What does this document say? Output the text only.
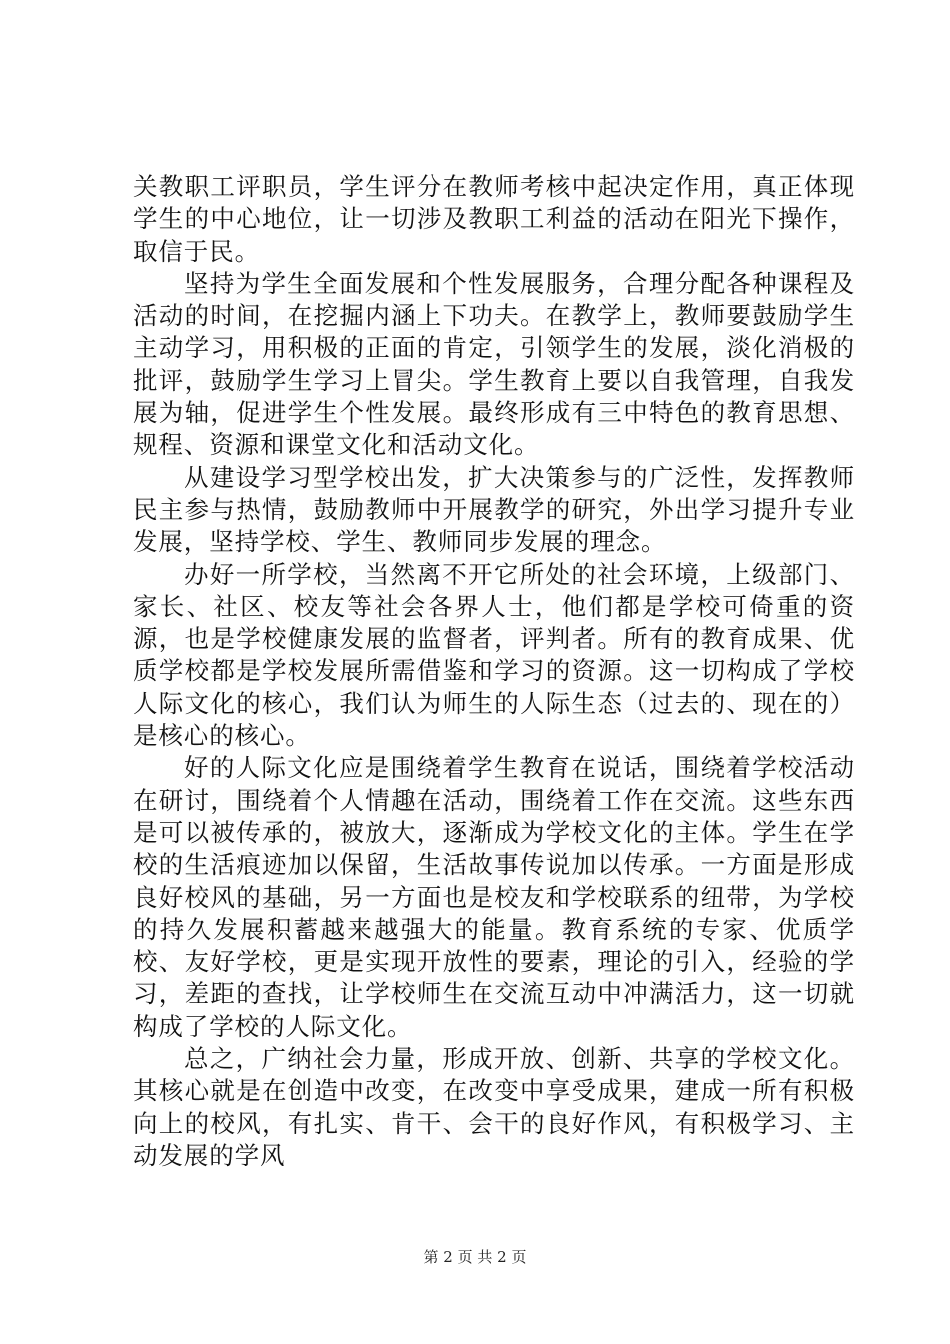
关教职工评职员，学生评分在教师考核中起决定作用，真正体现学生的中心地位，让一切涉及教职工利益的活动在阳光下操作，取信于民。

坚持为学生全面发展和个性发展服务，合理分配各种课程及活动的时间，在挖掘内涵上下功夫。在教学上，教师要鼓励学生主动学习，用积极的正面的肯定，引领学生的发展，淡化消极的批评，鼓励学生学习上冒尖。学生教育上要以自我管理，自我发展为轴，促进学生个性发展。最终形成有三中特色的教育思想、规程、资源和课堂文化和活动文化。

从建设学习型学校出发，扩大决策参与的广泛性，发挥教师民主参与热情，鼓励教师中开展教学的研究，外出学习提升专业发展，坚持学校、学生、教师同步发展的理念。

办好一所学校，当然离不开它所处的社会环境，上级部门、家长、社区、校友等社会各界人士，他们都是学校可倚重的资源，也是学校健康发展的监督者，评判者。所有的教育成果、优质学校都是学校发展所需借鉴和学习的资源。这一切构成了学校人际文化的核心，我们认为师生的人际生态（过去的、现在的）是核心的核心。

好的人际文化应是围绕着学生教育在说话，围绕着学校活动在研讨，围绕着个人情趣在活动，围绕着工作在交流。这些东西是可以被传承的，被放大，逐渐成为学校文化的主体。学生在学校的生活痕迹加以保留，生活故事传说加以传承。一方面是形成良好校风的基础，另一方面也是校友和学校联系的纽带，为学校的持久发展积蓄越来越强大的能量。教育系统的专家、优质学校、友好学校，更是实现开放性的要素，理论的引入，经验的学习，差距的查找，让学校师生在交流互动中冲满活力，这一切就构成了学校的人际文化。

总之，广纳社会力量，形成开放、创新、共享的学校文化。其核心就是在创造中改变，在改变中享受成果，建成一所有积极向上的校风，有扎实、肯干、会干的良好作风，有积极学习、主动发展的学风

第 2 页 共 2 页
